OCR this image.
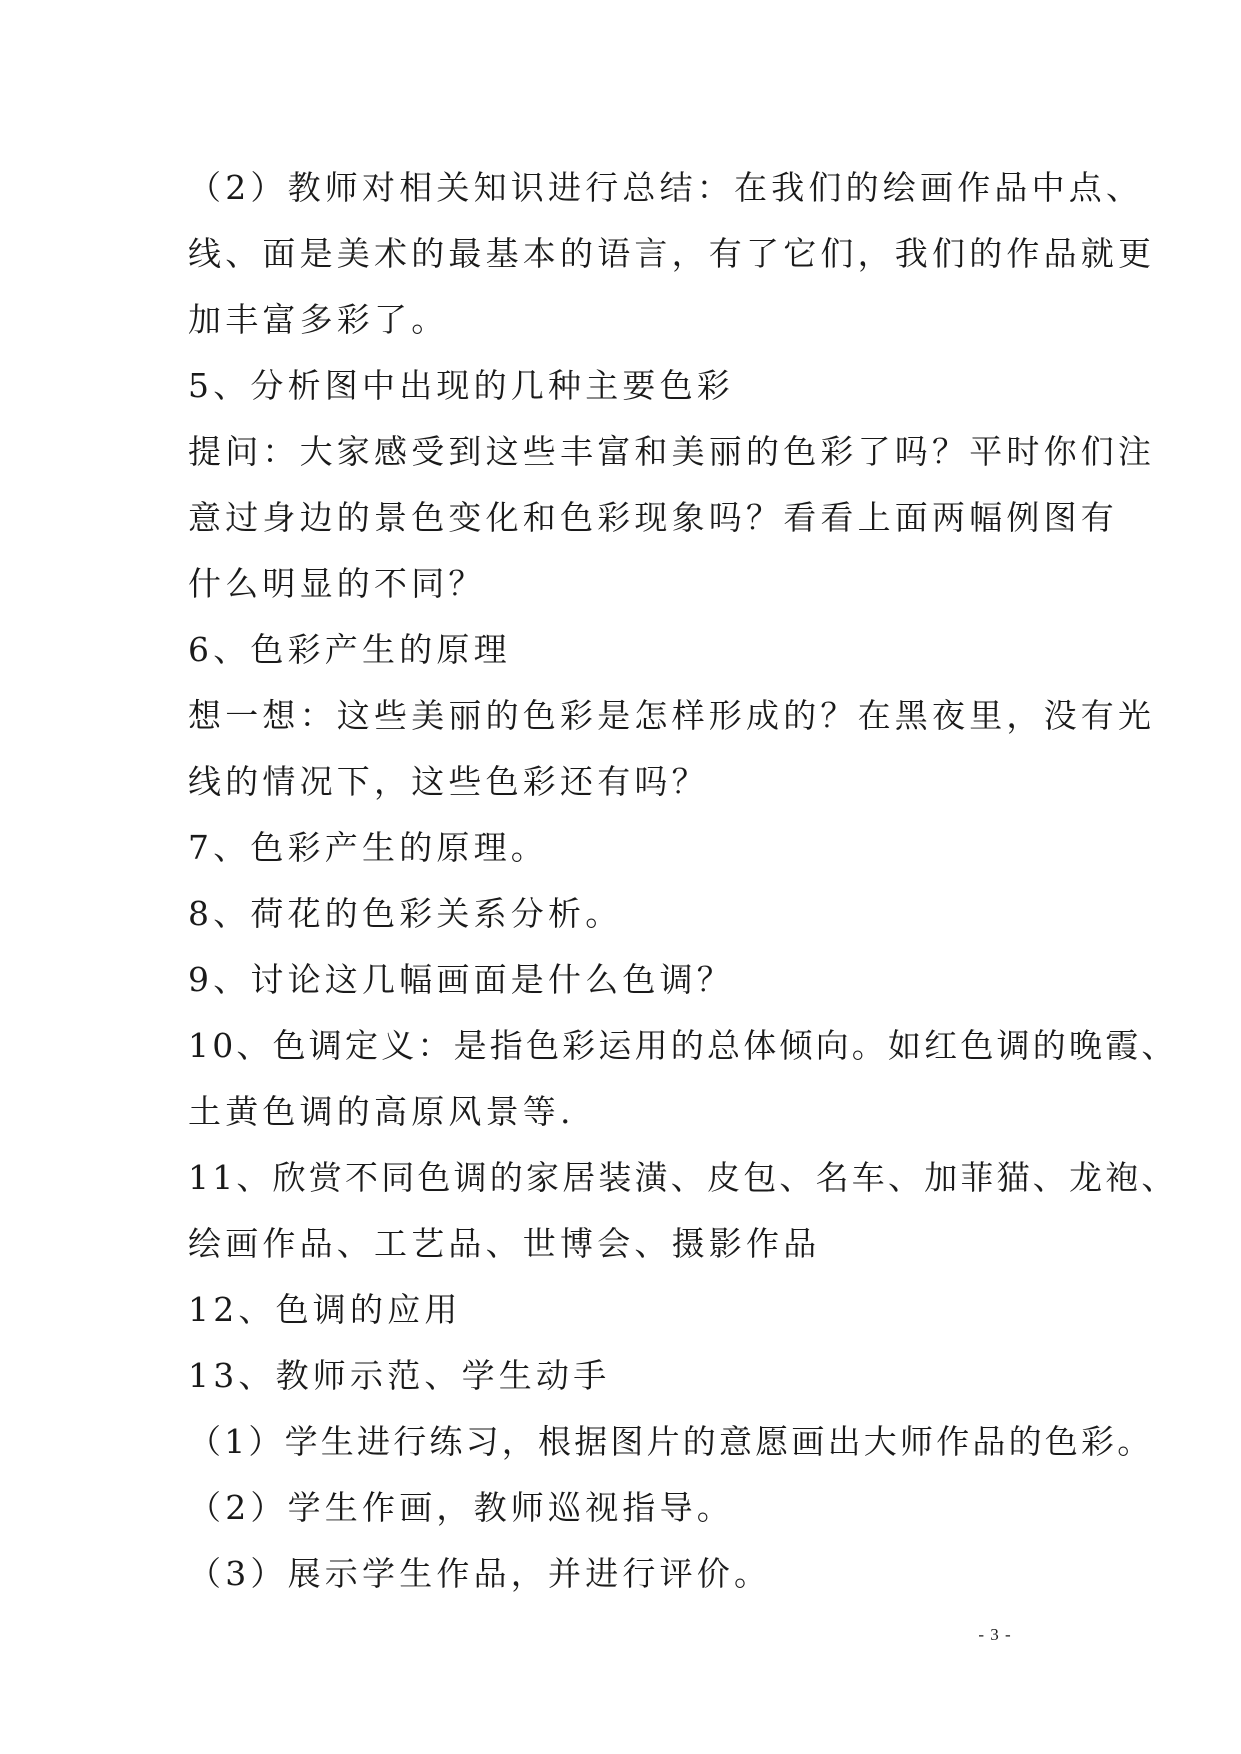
（2）教师对相关知识进行总结：在我们的绘画作品中点、
线、面是美术的最基本的语言，有了它们，我们的作品就更
加丰富多彩了。
5、分析图中出现的几种主要色彩
提问：大家感受到这些丰富和美丽的色彩了吗？平时你们注
意过身边的景色变化和色彩现象吗？看看上面两幅例图有
什么明显的不同？
6、色彩产生的原理
想一想：这些美丽的色彩是怎样形成的？在黑夜里，没有光
线的情况下，这些色彩还有吗？
7、色彩产生的原理。
8、荷花的色彩关系分析。
9、讨论这几幅画面是什么色调？
10、色调定义：是指色彩运用的总体倾向。如红色调的晚霞、
土黄色调的高原风景等.
11、欣赏不同色调的家居装潢、皮包、名车、加菲猫、龙袍、
绘画作品、工艺品、世博会、摄影作品
12、色调的应用
13、教师示范、学生动手
（1）学生进行练习，根据图片的意愿画出大师作品的色彩。
（2）学生作画，教师巡视指导。
（3）展示学生作品，并进行评价。
- 3 -
